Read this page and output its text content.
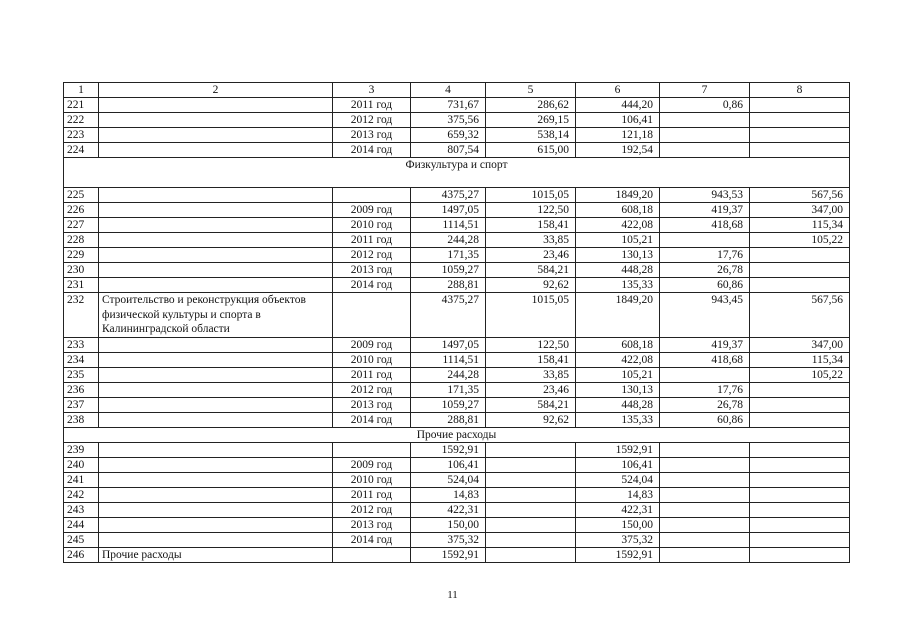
1	2	3	4	5	6	7	8
221		2011 год	731,67	286,62	444,20	0,86	
222		2012 год	375,56	269,15	106,41		
223		2013 год	659,32	538,14	121,18		
224		2014 год	807,54	615,00	192,54		
Физкультура и спорт							
225			4375,27	1015,05	1849,20	943,53	567,56
226		2009 год	1497,05	122,50	608,18	419,37	347,00
227		2010 год	1114,51	158,41	422,08	418,68	115,34
228		2011 год	244,28	33,85	105,21		105,22
229		2012 год	171,35	23,46	130,13	17,76	
230		2013 год	1059,27	584,21	448,28	26,78	
231		2014 год	288,81	92,62	135,33	60,86	
232	Строительство и реконструкция объектов физической культуры и спорта в Калининградской области		4375,27	1015,05	1849,20	943,45	567,56
233		2009 год	1497,05	122,50	608,18	419,37	347,00
234		2010 год	1114,51	158,41	422,08	418,68	115,34
235		2011 год	244,28	33,85	105,21		105,22
236		2012 год	171,35	23,46	130,13	17,76	
237		2013 год	1059,27	584,21	448,28	26,78	
238		2014 год	288,81	92,62	135,33	60,86	
Прочие расходы							
239			1592,91		1592,91		
240		2009 год	106,41		106,41		
241		2010 год	524,04		524,04		
242		2011 год	14,83		14,83		
243		2012 год	422,31		422,31		
244		2013 год	150,00		150,00		
245		2014 год	375,32		375,32		
246	Прочие расходы		1592,91		1592,91		
11
